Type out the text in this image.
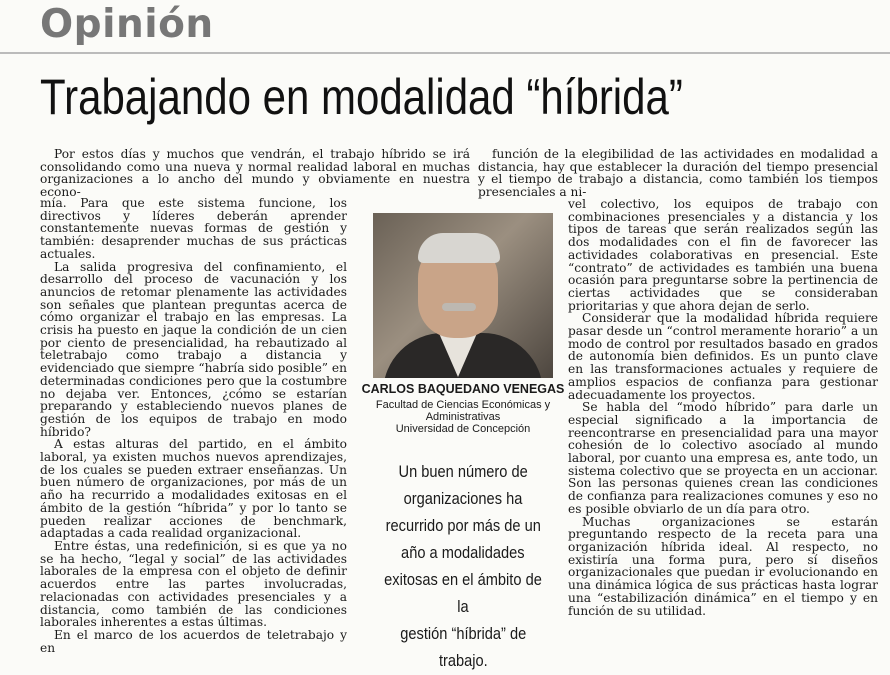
Opinión
Trabajando en modalidad “híbrida”

Por estos días y muchos que vendrán, el trabajo híbrido se irá consolidando como una nueva y normal realidad laboral en muchas organizaciones a lo ancho del mundo y obviamente en nuestra econo-

mía. Para que este sistema funcione, los directivos y líderes deberán aprender constantemente nuevas formas de gestión y también: desaprender muchas de sus prácticas actuales.

La salida progresiva del confinamiento, el desarrollo del proceso de vacunación y los anuncios de retomar plenamente las actividades son señales que plantean preguntas acerca de cómo organizar el trabajo en las empresas. La crisis ha puesto en jaque la condición de un cien por ciento de presencialidad, ha rebautizado al teletrabajo como trabajo a distancia y evidenciado que siempre “habría sido posible” en determinadas condiciones pero que la costumbre no dejaba ver. Entonces, ¿cómo se estarían preparando y estableciendo nuevos planes de gestión de los equipos de trabajo en modo híbrido?

A estas alturas del partido, en el ámbito laboral, ya existen muchos nuevos aprendizajes, de los cuales se pueden extraer enseñanzas. Un buen número de organizaciones, por más de un año ha recurrido a modalidades exitosas en el ámbito de la gestión “híbrida” y por lo tanto se pueden realizar acciones de benchmark, adaptadas a cada realidad organizacional.

Entre éstas, una redefinición, si es que ya no se ha hecho, “legal y social” de las actividades laborales de la empresa con el objeto de definir acuerdos entre las partes involucradas, relacionadas con actividades presenciales y a distancia, como también de las condiciones laborales inherentes a estas últimas.

En el marco de los acuerdos de teletrabajo y en

función de la elegibilidad de las actividades en modalidad a distancia, hay que establecer la duración del tiempo presencial y el tiempo de trabajo a distancia, como también los tiempos presenciales a ni-

vel colectivo, los equipos de trabajo con combinaciones presenciales y a distancia y los tipos de tareas que serán realizados según las dos modalidades con el fin de favorecer las actividades colaborativas en presencial. Este “contrato” de actividades es también una buena ocasión para preguntarse sobre la pertinencia de ciertas actividades que se consideraban prioritarias y que ahora dejan de serlo.

Considerar que la modalidad híbrida requiere pasar desde un “control meramente horario” a un modo de control por resultados basado en grados de autonomía bien definidos. Es un punto clave en las transformaciones actuales y requiere de amplios espacios de confianza para gestionar adecuadamente los proyectos.

Se habla del “modo híbrido” para darle un especial significado a la importancia de reencontrarse en presencialidad para una mayor cohesión de lo colectivo asociado al mundo laboral, por cuanto una empresa es, ante todo, un sistema colectivo que se proyecta en un accionar. Son las personas quienes crean las condiciones de confianza para realizaciones comunes y eso no es posible obviarlo de un día para otro.

Muchas organizaciones se estarán preguntando respecto de la receta para una organización híbrida ideal. Al respecto, no existiría una forma pura, pero sí diseños organizacionales que puedan ir evolucionando en una dinámica lógica de sus prácticas hasta lograr una “estabilización dinámica” en el tiempo y en función de su utilidad.

CARLOS BAQUEDANO VENEGAS
Facultad de Ciencias Económicas y
Administrativas
Universidad de Concepción
Un buen número de
organizaciones ha
recurrido por más de un
año a modalidades
exitosas en el ámbito de la
gestión “híbrida” de
trabajo.
